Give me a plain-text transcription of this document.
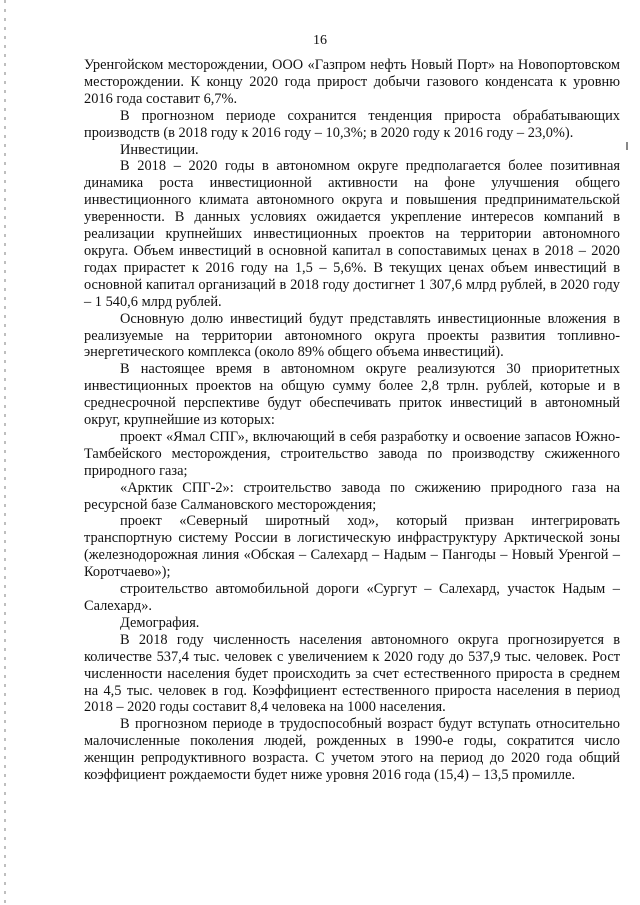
16

Уренгойском месторождении, ООО «Газпром нефть Новый Порт» на Новопортовском месторождении. К концу 2020 года прирост добычи газового конденсата к уровню 2016 года составит 6,7%.

В прогнозном периоде сохранится тенденция прироста обрабатывающих производств (в 2018 году к 2016 году – 10,3%; в 2020 году к 2016 году – 23,0%).

Инвестиции.

В 2018 – 2020 годы в автономном округе предполагается более позитивная динамика роста инвестиционной активности на фоне улучшения общего инвестиционного климата автономного округа и повышения предпринимательской уверенности. В данных условиях ожидается укрепление интересов компаний в реализации крупнейших инвестиционных проектов на территории автономного округа. Объем инвестиций в основной капитал в сопоставимых ценах в 2018 – 2020 годах прирастет к 2016 году на 1,5 – 5,6%. В текущих ценах объем инвестиций в основной капитал организаций в 2018 году достигнет 1 307,6 млрд рублей, в 2020 году – 1 540,6 млрд рублей.

Основную долю инвестиций будут представлять инвестиционные вложения в реализуемые на территории автономного округа проекты развития топливно-энергетического комплекса (около 89% общего объема инвестиций).

В настоящее время в автономном округе реализуются 30 приоритетных инвестиционных проектов на общую сумму более 2,8 трлн. рублей, которые и в среднесрочной перспективе будут обеспечивать приток инвестиций в автономный округ, крупнейшие из которых:

проект «Ямал СПГ», включающий в себя разработку и освоение запасов Южно-Тамбейского месторождения, строительство завода по производству сжиженного природного газа;

«Арктик СПГ-2»: строительство завода по сжижению природного газа на ресурсной базе Салмановского месторождения;

проект «Северный широтный ход», который призван интегрировать транспортную систему России в логистическую инфраструктуру Арктической зоны (железнодорожная линия «Обская – Салехард – Надым – Пангоды – Новый Уренгой – Коротчаево»);

строительство автомобильной дороги «Сургут – Салехард, участок Надым – Салехард».

Демография.

В 2018 году численность населения автономного округа прогнозируется в количестве 537,4 тыс. человек с увеличением к 2020 году до 537,9 тыс. человек. Рост численности населения будет происходить за счет естественного прироста в среднем на 4,5 тыс. человек в год. Коэффициент естественного прироста населения в период 2018 – 2020 годы составит 8,4 человека на 1000 населения.

В прогнозном периоде в трудоспособный возраст будут вступать относительно малочисленные поколения людей, рожденных в 1990-е годы, сократится число женщин репродуктивного возраста. С учетом этого на период до 2020 года общий коэффициент рождаемости будет ниже уровня 2016 года (15,4) – 13,5 промилле.
